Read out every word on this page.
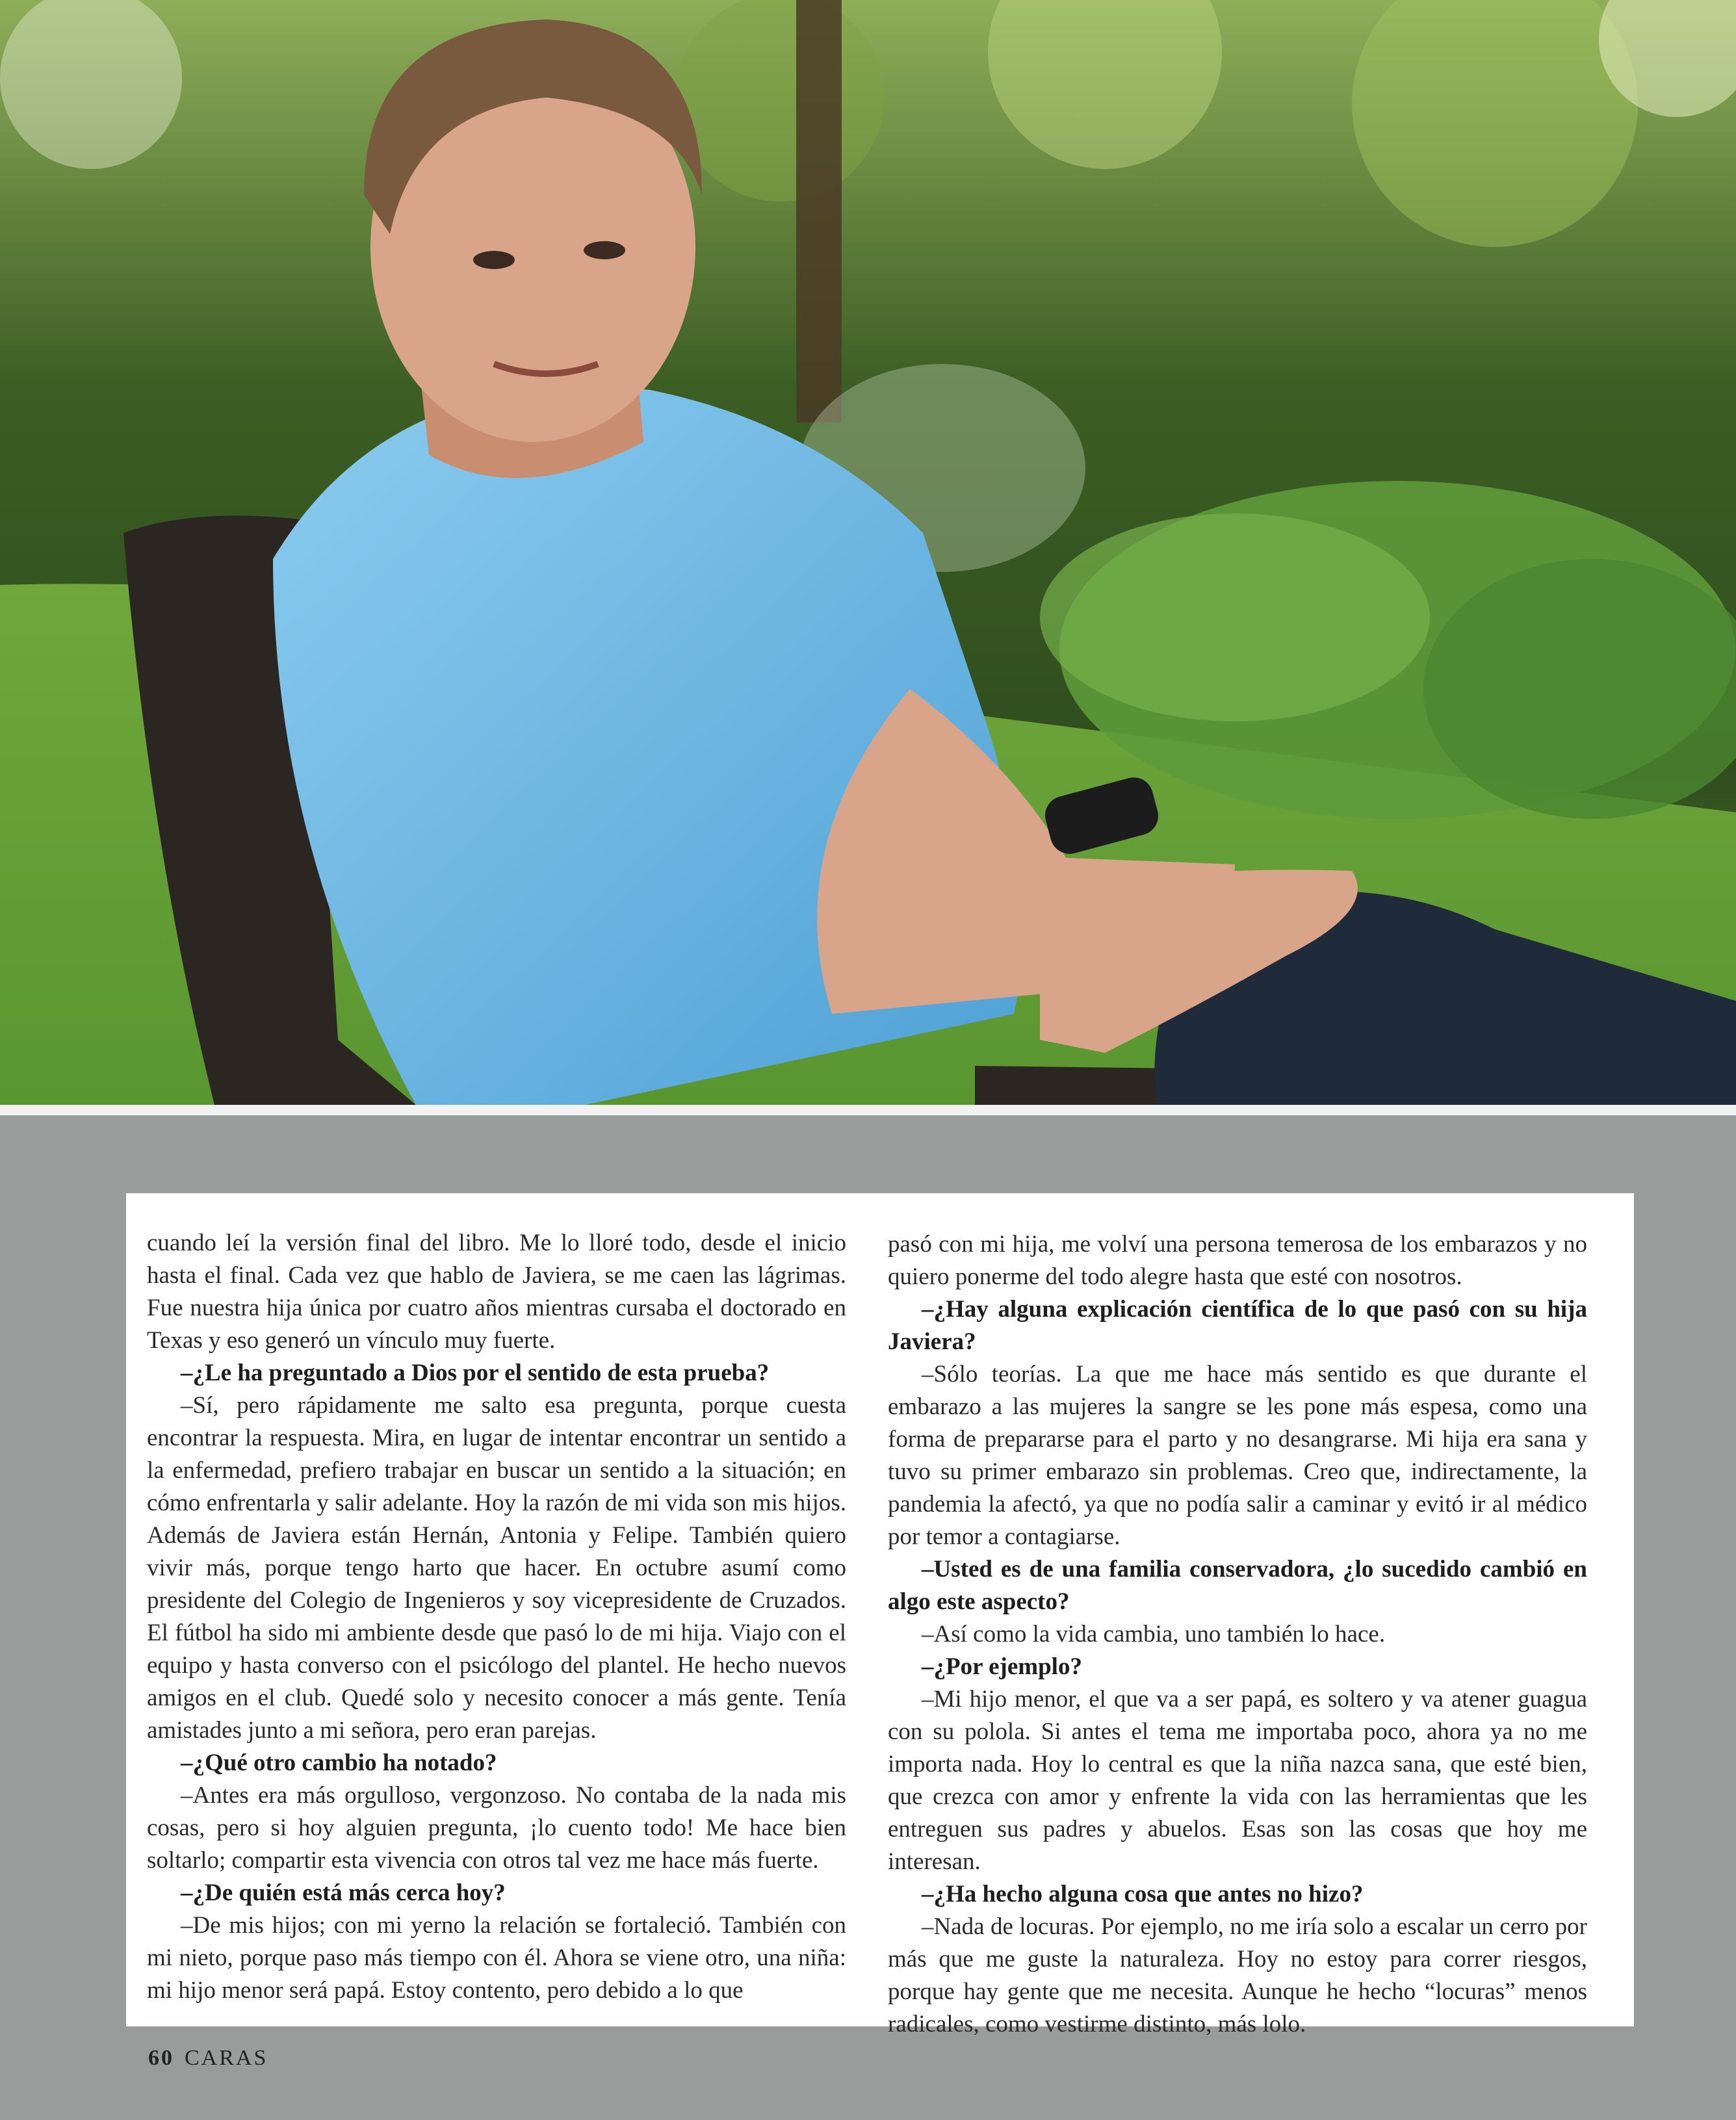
cuando leí la versión final del libro. Me lo lloré todo, desde el inicio hasta el final. Cada vez que hablo de Javiera, se me caen las lágrimas. Fue nuestra hija única por cuatro años mientras cursaba el doctorado en Texas y eso generó un vínculo muy fuerte.

–¿Le ha preguntado a Dios por el sentido de esta prueba?

–Sí, pero rápidamente me salto esa pregunta, porque cuesta encontrar la respuesta. Mira, en lugar de intentar encontrar un sentido a la enfermedad, prefiero trabajar en buscar un sentido a la situación; en cómo enfrentarla y salir adelante. Hoy la razón de mi vida son mis hijos. Además de Javiera están Hernán, Antonia y Felipe. También quiero vivir más, porque tengo harto que hacer. En octubre asumí como presidente del Colegio de Ingenieros y soy vicepresidente de Cruzados. El fútbol ha sido mi ambiente desde que pasó lo de mi hija. Viajo con el equipo y hasta converso con el psicólogo del plantel. He hecho nuevos amigos en el club. Quedé solo y necesito conocer a más gente. Tenía amistades junto a mi señora, pero eran parejas.

–¿Qué otro cambio ha notado?

–Antes era más orgulloso, vergonzoso. No contaba de la nada mis cosas, pero si hoy alguien pregunta, ¡lo cuento todo! Me hace bien soltarlo; compartir esta vivencia con otros tal vez me hace más fuerte.

–¿De quién está más cerca hoy?

–De mis hijos; con mi yerno la relación se fortaleció. También con mi nieto, porque paso más tiempo con él. Ahora se viene otro, una niña: mi hijo menor será papá. Estoy contento, pero debido a lo que

pasó con mi hija, me volví una persona temerosa de los embarazos y no quiero ponerme del todo alegre hasta que esté con nosotros.

–¿Hay alguna explicación científica de lo que pasó con su hija Javiera?

–Sólo teorías. La que me hace más sentido es que durante el embarazo a las mujeres la sangre se les pone más espesa, como una forma de prepararse para el parto y no desangrarse. Mi hija era sana y tuvo su primer embarazo sin problemas. Creo que, indirectamente, la pandemia la afectó, ya que no podía salir a caminar y evitó ir al médico por temor a contagiarse.

–Usted es de una familia conservadora, ¿lo sucedido cambió en algo este aspecto?

–Así como la vida cambia, uno también lo hace.

–¿Por ejemplo?

–Mi hijo menor, el que va a ser papá, es soltero y va atener guagua con su polola. Si antes el tema me importaba poco, ahora ya no me importa nada. Hoy lo central es que la niña nazca sana, que esté bien, que crezca con amor y enfrente la vida con las herramientas que les entreguen sus padres y abuelos. Esas son las cosas que hoy me interesan.

–¿Ha hecho alguna cosa que antes no hizo?

–Nada de locuras. Por ejemplo, no me iría solo a escalar un cerro por más que me guste la naturaleza. Hoy no estoy para correr riesgos, porque hay gente que me necesita. Aunque he hecho “locuras” menos radicales, como vestirme distinto, más lolo.

60 CARAS
